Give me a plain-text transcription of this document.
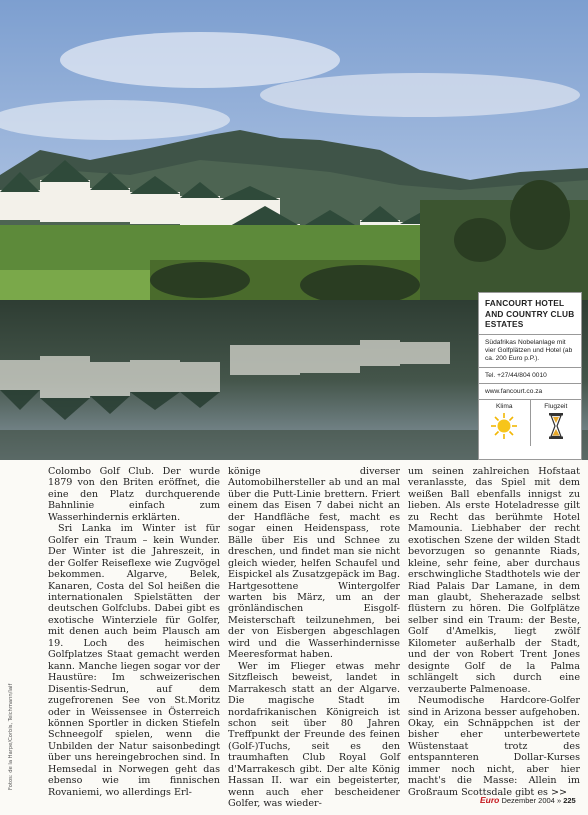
Fotos: de la Harpe/Corbis, Teichmann/laif
FANCOURT HOTEL AND COUNTRY CLUB ESTATES
Südafrikas Nobelanlage mit vier Golfplätzen und Hotel (ab ca. 200 Euro p.P.).
Tel. +27/44/804 0010
www.fancourt.co.za
Klima	Flugzeit

Colombo Golf Club. Der wurde 1879 von den Briten eröffnet, die eine den Platz durchquerende Bahnlinie einfach zum Wasserhindernis erklärten.

Sri Lanka im Winter ist für Golfer ein Traum – kein Wunder. Der Winter ist die Jahreszeit, in der Golfer Reiseflexe wie Zugvögel bekommen. Algarve, Belek, Kanaren, Costa del Sol heißen die internationalen Spielstätten der deutschen Golfclubs. Dabei gibt es exotische Winterziele für Golfer, mit denen auch beim Plausch am 19. Loch des heimischen Golfplatzes Staat gemacht werden kann. Manche liegen sogar vor der Haustüre: Im schweizerischen Disentis-Sedrun, auf dem zugefrorenen See von St.Moritz oder in Weissensee in Österreich können Sportler in dicken Stiefeln Schneegolf spielen, wenn die Unbilden der Natur saisonbedingt über uns hereingebrochen sind. In Hemsedal in Norwegen geht das ebenso wie im finnischen Rovaniemi, wo allerdings Erl-

könige diverser Automobilhersteller ab und an mal über die Putt-Linie brettern. Friert einem das Eisen 7 dabei nicht an der Handfläche fest, macht es sogar einen Heidenspass, rote Bälle über Eis und Schnee zu dreschen, und findet man sie nicht gleich wieder, helfen Schaufel und Eispickel als Zusatzgepäck im Bag. Hartgesottene Wintergolfer warten bis März, um an der grönländischen Eisgolf-Meisterschaft teilzunehmen, bei der von Eisbergen abgeschlagen wird und die Wasserhindernisse Meeresformat haben.

Wer im Flieger etwas mehr Sitzfleisch beweist, landet in Marrakesch statt an der Algarve. Die magische Stadt im nordafrikanischen Königreich ist schon seit über 80 Jahren Treffpunkt der Freunde des feinen (Golf-)Tuchs, seit es den traumhaften Club Royal Golf d'Marrakesch gibt. Der alte König Hassan II. war ein begeisterter, wenn auch eher bescheidener Golfer, was wieder-

um seinen zahlreichen Hofstaat veranlasste, das Spiel mit dem weißen Ball ebenfalls innigst zu lieben. Als erste Hoteladresse gilt zu Recht das berühmte Hotel Mamounia. Liebhaber der recht exotischen Szene der wilden Stadt bevorzugen so genannte Riads, kleine, sehr feine, aber durchaus erschwingliche Stadthotels wie der Riad Palais Dar Lamane, in dem man glaubt, Sheherazade selbst flüstern zu hören. Die Golfplätze selber sind ein Traum: der Beste, Golf d'Amelkis, liegt zwölf Kilometer außerhalb der Stadt, und der von Robert Trent Jones designte Golf de la Palma schlängelt sich durch eine verzauberte Palmenoase.

Neumodische Hardcore-Golfer sind in Arizona besser aufgehoben. Okay, ein Schnäppchen ist der bisher eher unterbewertete Wüstenstaat trotz des entspannteren Dollar-Kurses immer noch nicht, aber hier macht's die Masse: Allein im Großraum Scottsdale gibt es >>

Euro Dezember 2004 » 225
